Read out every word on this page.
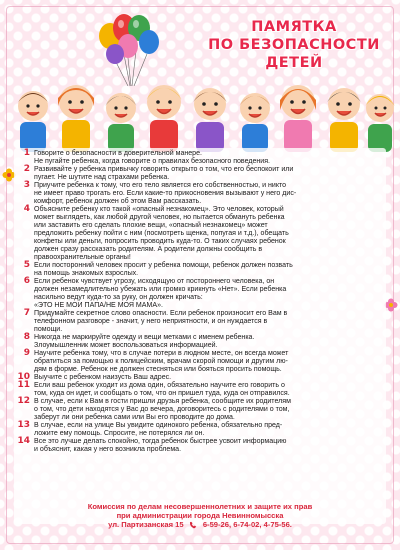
ПАМЯТКА
ПО БЕЗОПАСНОСТИ
ДЕТЕЙ
1 Говорите о безопасности в доверительной манере.
Не пугайте ребенка, когда говорите о правилах безопасного поведения.
2 Развивайте у ребенка привычку говорить открыто о том, что его беспокоит или
пугает. Не шутите над страхами ребенка.
3 Приучите ребенка к тому, что его тело является его собственностью, и никто
не имеет право трогать его. Если какие-то прикосновения вызывают у него дис-
комфорт, ребенок должен об этом Вам рассказать.
4 Объясните ребенку кто такой «опасный незнакомец». Это человек, который
может выглядеть, как любой другой человек, но пытается обмануть ребенка
или заставить его сделать плохие вещи, «опасный незнакомец» может
предложить ребенку пойти с ним (посмотреть щенка, попугая и т.д.), обещать
конфеты или деньги, попросить проводить куда-то. О таких случаях ребенок
должен сразу рассказать родителям. А родители должны сообщить в
правоохранительные органы!
5 Если посторонний человек просит у ребенка помощи, ребенок должен позвать
на помощь знакомых взрослых.
6 Если ребенок чувствует угрозу, исходящую от постороннего человека, он
должен незамедлительно убежать или громко крикнуть «Нет». Если ребенка
насильно ведут куда-то за руку, он должен кричать:
«ЭТО НЕ МОИ ПАПА/НЕ МОЯ МАМА».
7 Придумайте секретное слово опасности. Если ребенок произносит его Вам в
телефонном разговоре - значит, у него неприятности, и он нуждается в
помощи.
8 Никогда не маркируйте одежду и вещи метками с именем ребенка.
Злоумышленник может воспользоваться информацией.
9 Научите ребенка тому, что в случае потери в людном месте, он всегда может
обратиться за помощью к полицейским, врачам скорой помощи и другим лю-
дям в форме. Ребенок не должен стесняться или бояться просить помощь.
10 Выучите с ребенком наизусть Ваш адрес.
11 Если ваш ребенок уходит из дома один, обязательно научите его говорить о
том, куда он идет, и сообщать о том, что он пришел туда, куда он отправился.
12 В случае, если к Вам в гости пришли друзья ребенка, сообщите их родителям
о том, что дети находятся у Вас до вечера, договоритесь с родителями о том,
заберут ли они ребенка сами или Вы его проводите до дома.
13 В случае, если на улице Вы увидите одинокого ребенка, обязательно пред-
ложите ему помощь. Спросите, не потерялся ли он.
14 Все это лучше делать спокойно, тогда ребенок быстрее усвоит информацию
и объяснит, какая у него возникла проблема.
Комиссия по делам несовершеннолетних и защите их прав
при администрации города Невинномысска
ул. Партизанская 15	6-59-26, 6-74-02, 4-75-56.
